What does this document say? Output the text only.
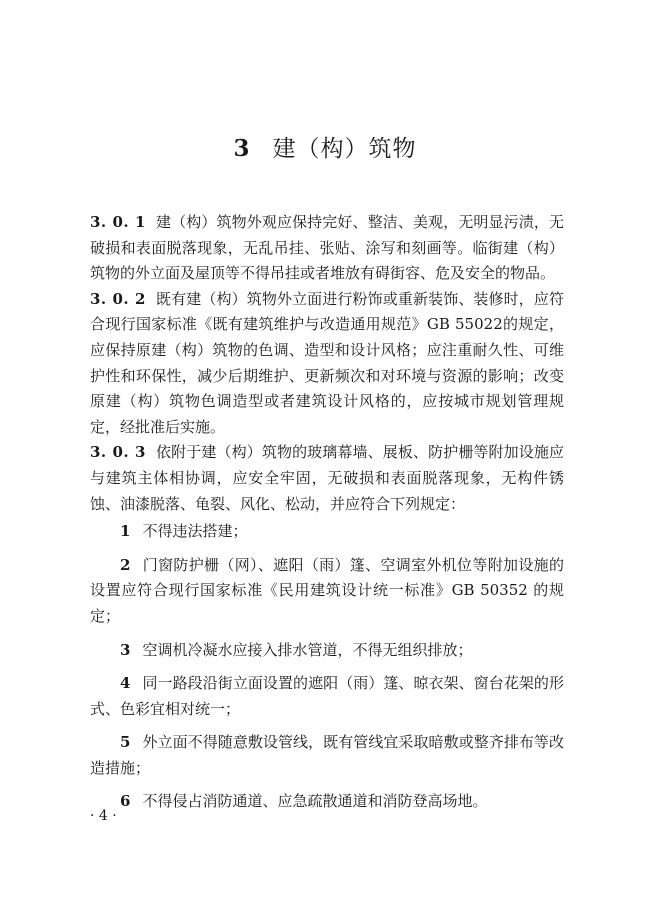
3 建（构）筑物

3. 0. 1 建（构）筑物外观应保持完好、整洁、美观，无明显污渍，无破损和表面脱落现象，无乱吊挂、张贴、涂写和刻画等。临街建（构）筑物的外立面及屋顶等不得吊挂或者堆放有碍街容、危及安全的物品。

3. 0. 2 既有建（构）筑物外立面进行粉饰或重新装饰、装修时，应符合现行国家标准《既有建筑维护与改造通用规范》GB 55022的规定，应保持原建（构）筑物的色调、造型和设计风格；应注重耐久性、可维护性和环保性，减少后期维护、更新频次和对环境与资源的影响；改变原建（构）筑物色调造型或者建筑设计风格的，应按城市规划管理规定，经批准后实施。

3. 0. 3 依附于建（构）筑物的玻璃幕墙、展板、防护栅等附加设施应与建筑主体相协调，应安全牢固，无破损和表面脱落现象，无构件锈蚀、油漆脱落、龟裂、风化、松动，并应符合下列规定：

1 不得违法搭建；

2 门窗防护栅（网）、遮阳（雨）篷、空调室外机位等附加设施的设置应符合现行国家标准《民用建筑设计统一标准》GB 50352 的规定；

3 空调机冷凝水应接入排水管道，不得无组织排放；

4 同一路段沿街立面设置的遮阳（雨）篷、晾衣架、窗台花架的形式、色彩宜相对统一；

5 外立面不得随意敷设管线，既有管线宜采取暗敷或整齐排布等改造措施；

6 不得侵占消防通道、应急疏散通道和消防登高场地。

· 4 ·
